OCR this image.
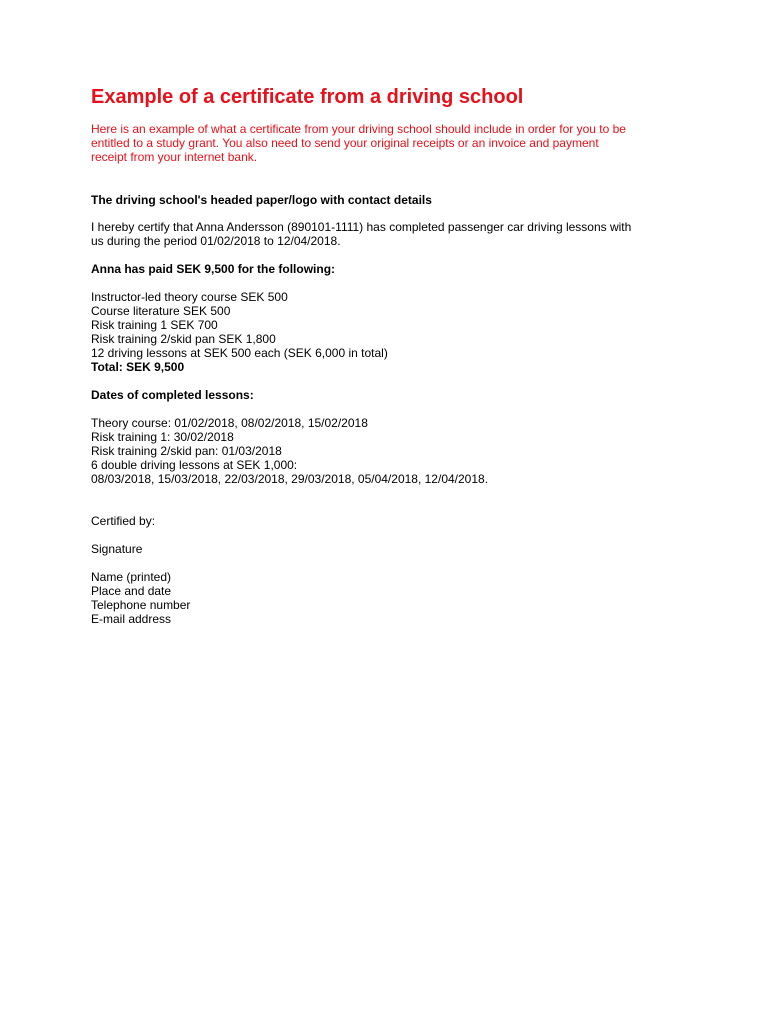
Example of a certificate from a driving school

Here is an example of what a certificate from your driving school should include in order for you to be
entitled to a study grant. You also need to send your original receipts or an invoice and payment
receipt from your internet bank.

The driving school's headed paper/logo with contact details

I hereby certify that Anna Andersson (890101-1111) has completed passenger car driving lessons with
us during the period 01/02/2018 to 12/04/2018.

Anna has paid SEK 9,500 for the following:

Instructor-led theory course SEK 500
Course literature SEK 500
Risk training 1 SEK 700
Risk training 2/skid pan SEK 1,800
12 driving lessons at SEK 500 each (SEK 6,000 in total)
Total: SEK 9,500

Dates of completed lessons:

Theory course: 01/02/2018, 08/02/2018, 15/02/2018
Risk training 1: 30/02/2018
Risk training 2/skid pan: 01/03/2018
6 double driving lessons at SEK 1,000:
08/03/2018, 15/03/2018, 22/03/2018, 29/03/2018, 05/04/2018, 12/04/2018.

Certified by:

Signature

Name (printed)
Place and date
Telephone number
E-mail address
